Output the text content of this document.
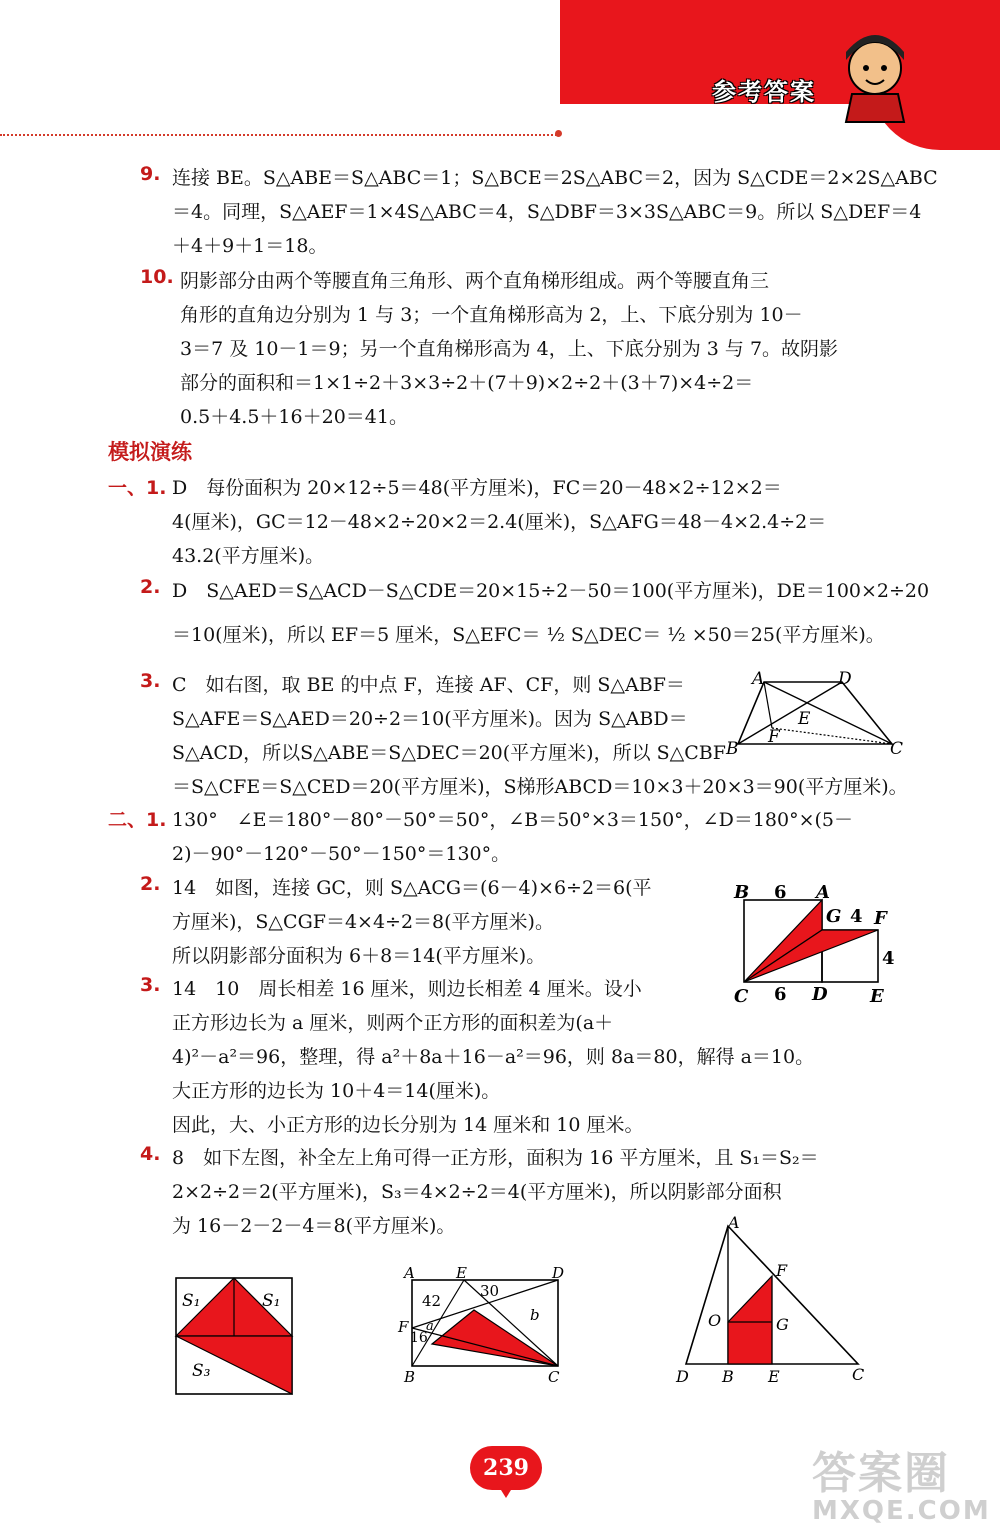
参考答案
9. 连接 BE。S△ABE＝S△ABC＝1；S△BCE＝2S△ABC＝2，因为 S△CDE＝2×2S△ABC
＝4。同理，S△AEF＝1×4S△ABC＝4，S△DBF＝3×3S△ABC＝9。所以 S△DEF＝4
＋4＋9＋1＝18。
10. 阴影部分由两个等腰直角三角形、两个直角梯形组成。两个等腰直角三
角形的直角边分别为 1 与 3；一个直角梯形高为 2，上、下底分别为 10－
3＝7 及 10－1＝9；另一个直角梯形高为 4，上、下底分别为 3 与 7。故阴影
部分的面积和＝1×1÷2＋3×3÷2＋(7＋9)×2÷2＋(3＋7)×4÷2＝
0.5＋4.5＋16＋20＝41。
模拟演练
一、1. D　每份面积为 20×12÷5＝48(平方厘米)，FC＝20－48×2÷12×2＝
4(厘米)，GC＝12－48×2÷20×2＝2.4(厘米)，S△AFG＝48－4×2.4÷2＝
43.2(平方厘米)。
2. D　S△AED＝S△ACD－S△CDE＝20×15÷2－50＝100(平方厘米)，DE＝100×2÷20
＝10(厘米)，所以 EF＝5 厘米，S△EFC＝ ½ S△DEC＝ ½ ×50＝25(平方厘米)。
3. C　如右图，取 BE 的中点 F，连接 AF、CF，则 S△ABF＝
S△AFE＝S△AED＝20÷2＝10(平方厘米)。因为 S△ABD＝
S△ACD，所以S△ABE＝S△DEC＝20(平方厘米)，所以 S△CBF
＝S△CFE＝S△CED＝20(平方厘米)，S梯形ABCD＝10×3＋20×3＝90(平方厘米)。
A	D
E
F
B	C
二、1. 130°　∠E＝180°－80°－50°＝50°，∠B＝50°×3＝150°，∠D＝180°×(5－
2)－90°－120°－50°－150°＝130°。
2. 14　如图，连接 GC，则 S△ACG＝(6－4)×6÷2＝6(平
方厘米)，S△CGF＝4×4÷2＝8(平方厘米)。
所以阴影部分面积为 6＋8＝14(平方厘米)。
B 6 A
G 4 F
4
C 6 D E
3. 14　10　周长相差 16 厘米，则边长相差 4 厘米。设小
正方形边长为 a 厘米，则两个正方形的面积差为(a＋
4)²－a²＝96，整理，得 a²＋8a＋16－a²＝96，则 8a＝80，解得 a＝10。
大正方形的边长为 10＋4＝14(厘米)。
因此，大、小正方形的边长分别为 14 厘米和 10 厘米。
4. 8　如下左图，补全左上角可得一正方形，面积为 16 平方厘米，且 S₁＝S₂＝
2×2÷2＝2(平方厘米)，S₃＝4×2÷2＝4(平方厘米)，所以阴影部分面积
为 16－2－2－4＝8(平方厘米)。
S₁	S₁
S₃
A	E	D
42
30
b
a
F
16
B	C
A
F
O	G
D B E	C
239	答案圈
MXQE.COM
